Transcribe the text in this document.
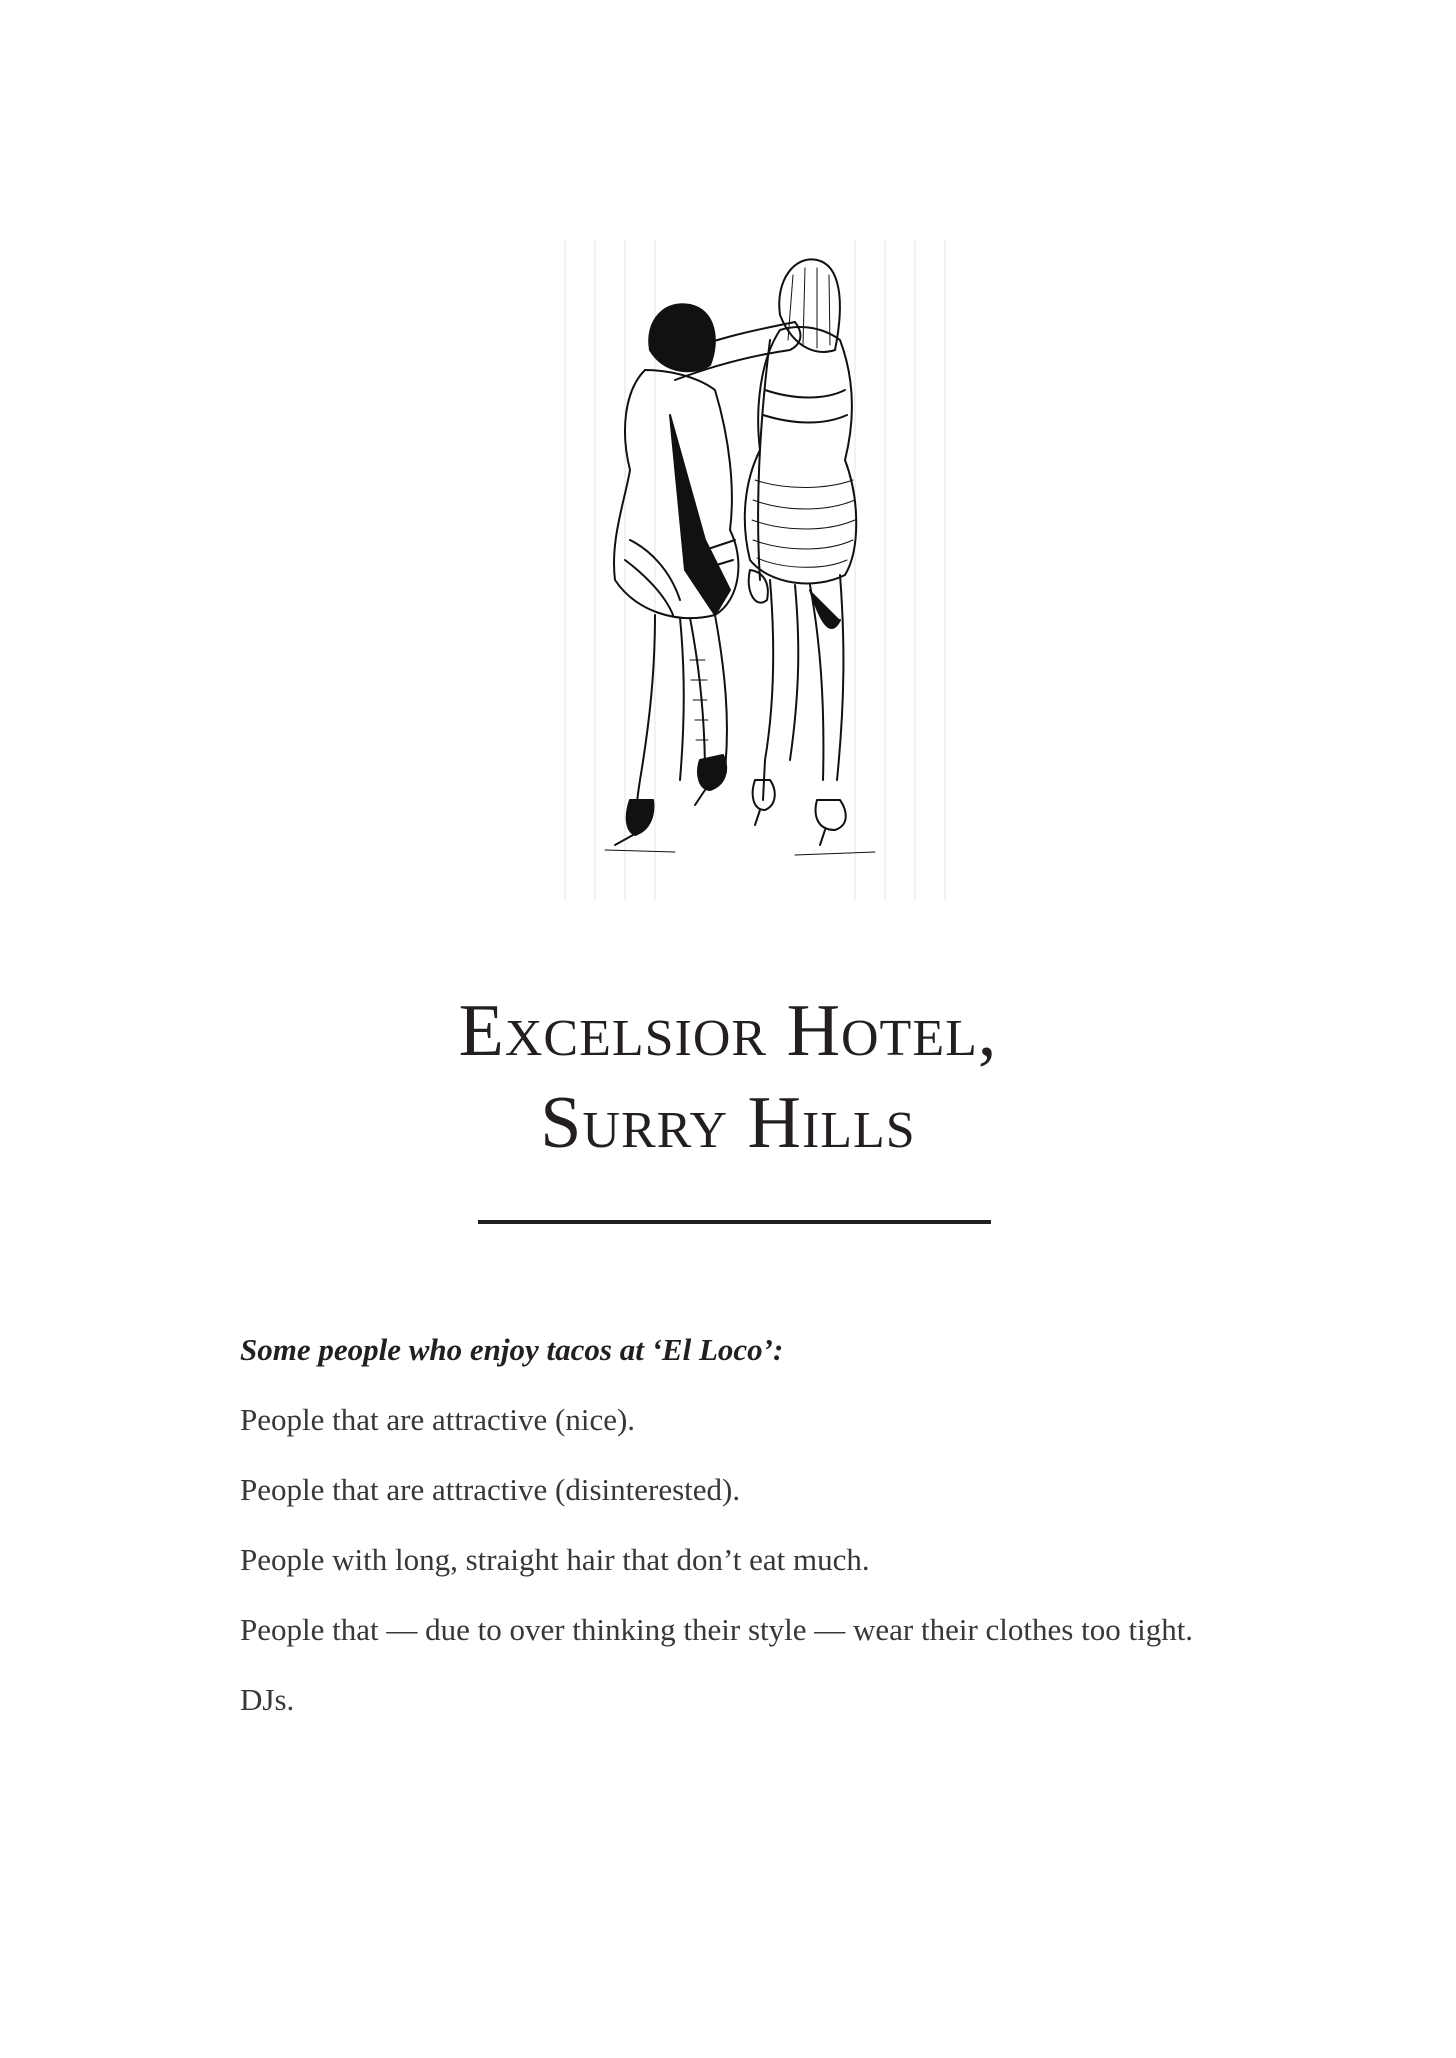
Excelsior Hotel,
Surry Hills

Some people who enjoy tacos at ‘El Loco’:

People that are attractive (nice).

People that are attractive (disinterested).

People with long, straight hair that don’t eat much.

People that — due to over thinking their style — wear their clothes too tight.

DJs.
